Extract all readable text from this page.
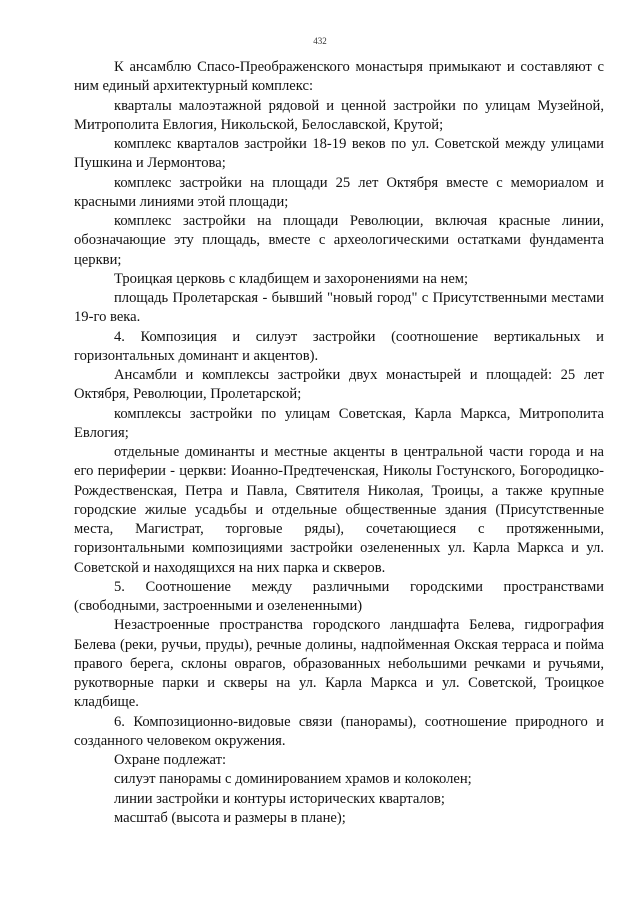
432

К ансамблю Спасо-Преображенского монастыря примыкают и составляют с ним единый архитектурный комплекс:

кварталы малоэтажной рядовой и ценной застройки по улицам Музейной, Митрополита Евлогия, Никольской, Белославской, Крутой;

комплекс кварталов застройки 18-19 веков по ул. Советской между улицами Пушкина и Лермонтова;

комплекс застройки на площади 25 лет Октября вместе с мемориалом и красными линиями этой площади;

комплекс застройки на площади Революции, включая красные линии, обозначающие эту площадь, вместе с археологическими остатками фундамента церкви;

Троицкая церковь с кладбищем и захоронениями на нем;

площадь Пролетарская - бывший "новый город" с Присутственными местами 19-го века.

4. Композиция и силуэт застройки (соотношение вертикальных и горизонтальных доминант и акцентов).

Ансамбли и комплексы застройки двух монастырей и площадей: 25 лет Октября, Революции, Пролетарской;

комплексы застройки по улицам Советская, Карла Маркса, Митрополита Евлогия;

отдельные доминанты и местные акценты в центральной части города и на его периферии - церкви: Иоанно-Предтеченская, Николы Гостунского, Богородицко-Рождественская, Петра и Павла, Святителя Николая, Троицы, а также крупные городские жилые усадьбы и отдельные общественные здания (Присутственные места, Магистрат, торговые ряды), сочетающиеся с протяженными, горизонтальными композициями застройки озелененных ул. Карла Маркса и ул. Советской и находящихся на них парка и скверов.

5. Соотношение между различными городскими пространствами (свободными, застроенными и озелененными)

Незастроенные пространства городского ландшафта Белева, гидрография Белева (реки, ручьи, пруды), речные долины, надпойменная Окская терраса и пойма правого берега, склоны оврагов, образованных небольшими речками и ручьями, рукотворные парки и скверы на ул. Карла Маркса и ул. Советской, Троицкое кладбище.

6. Композиционно-видовые связи (панорамы), соотношение природного и созданного человеком окружения.

Охране подлежат:

силуэт панорамы с доминированием храмов и колоколен;

линии застройки и контуры исторических кварталов;

масштаб (высота и размеры в плане);
